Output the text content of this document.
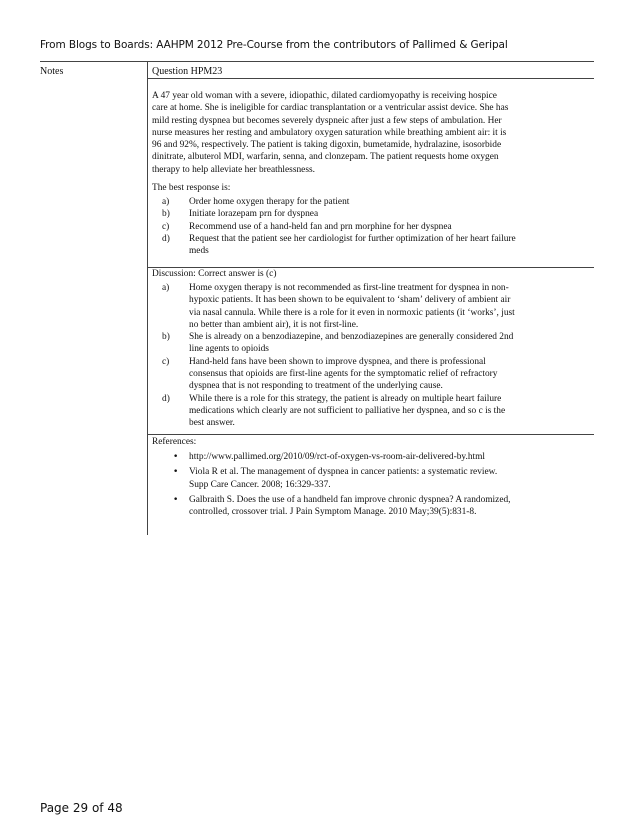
From Blogs to Boards: AAHPM 2012 Pre-Course from the contributors of Pallimed & Geripal
Notes	Question HPM23
A 47 year old woman with a severe, idiopathic, dilated cardiomyopathy is receiving hospice
care at home. She is ineligible for cardiac transplantation or a ventricular assist device. She has
mild resting dyspnea but becomes severely dyspneic after just a few steps of ambulation. Her
nurse measures her resting and ambulatory oxygen saturation while breathing ambient air: it is
96 and 92%, respectively. The patient is taking digoxin, bumetamide, hydralazine, isosorbide
dinitrate, albuterol MDI, warfarin, senna, and clonzepam. The patient requests home oxygen
therapy to help alleviate her breathlessness.
The best response is:
a) Order home oxygen therapy for the patient
b) Initiate lorazepam prn for dyspnea
c) Recommend use of a hand-held fan and prn morphine for her dyspnea
d) Request that the patient see her cardiologist for further optimization of her heart failure
meds
Discussion: Correct answer is (c)
a) Home oxygen therapy is not recommended as first-line treatment for dyspnea in non-
hypoxic patients. It has been shown to be equivalent to ‘sham’ delivery of ambient air
via nasal cannula. While there is a role for it even in normoxic patients (it ‘works’, just
no better than ambient air), it is not first-line.
b) She is already on a benzodiazepine, and benzodiazepines are generally considered 2nd
line agents to opioids
c) Hand-held fans have been shown to improve dyspnea, and there is professional
consensus that opioids are first-line agents for the symptomatic relief of refractory
dyspnea that is not responding to treatment of the underlying cause.
d) While there is a role for this strategy, the patient is already on multiple heart failure
medications which clearly are not sufficient to palliative her dyspnea, and so c is the
best answer.
References:
• http://www.pallimed.org/2010/09/rct-of-oxygen-vs-room-air-delivered-by.html
• Viola R et al. The management of dyspnea in cancer patients: a systematic review.
Supp Care Cancer. 2008; 16:329-337.
• Galbraith S. Does the use of a handheld fan improve chronic dyspnea? A randomized,
controlled, crossover trial. J Pain Symptom Manage. 2010 May;39(5):831-8.
Page 29 of 48
